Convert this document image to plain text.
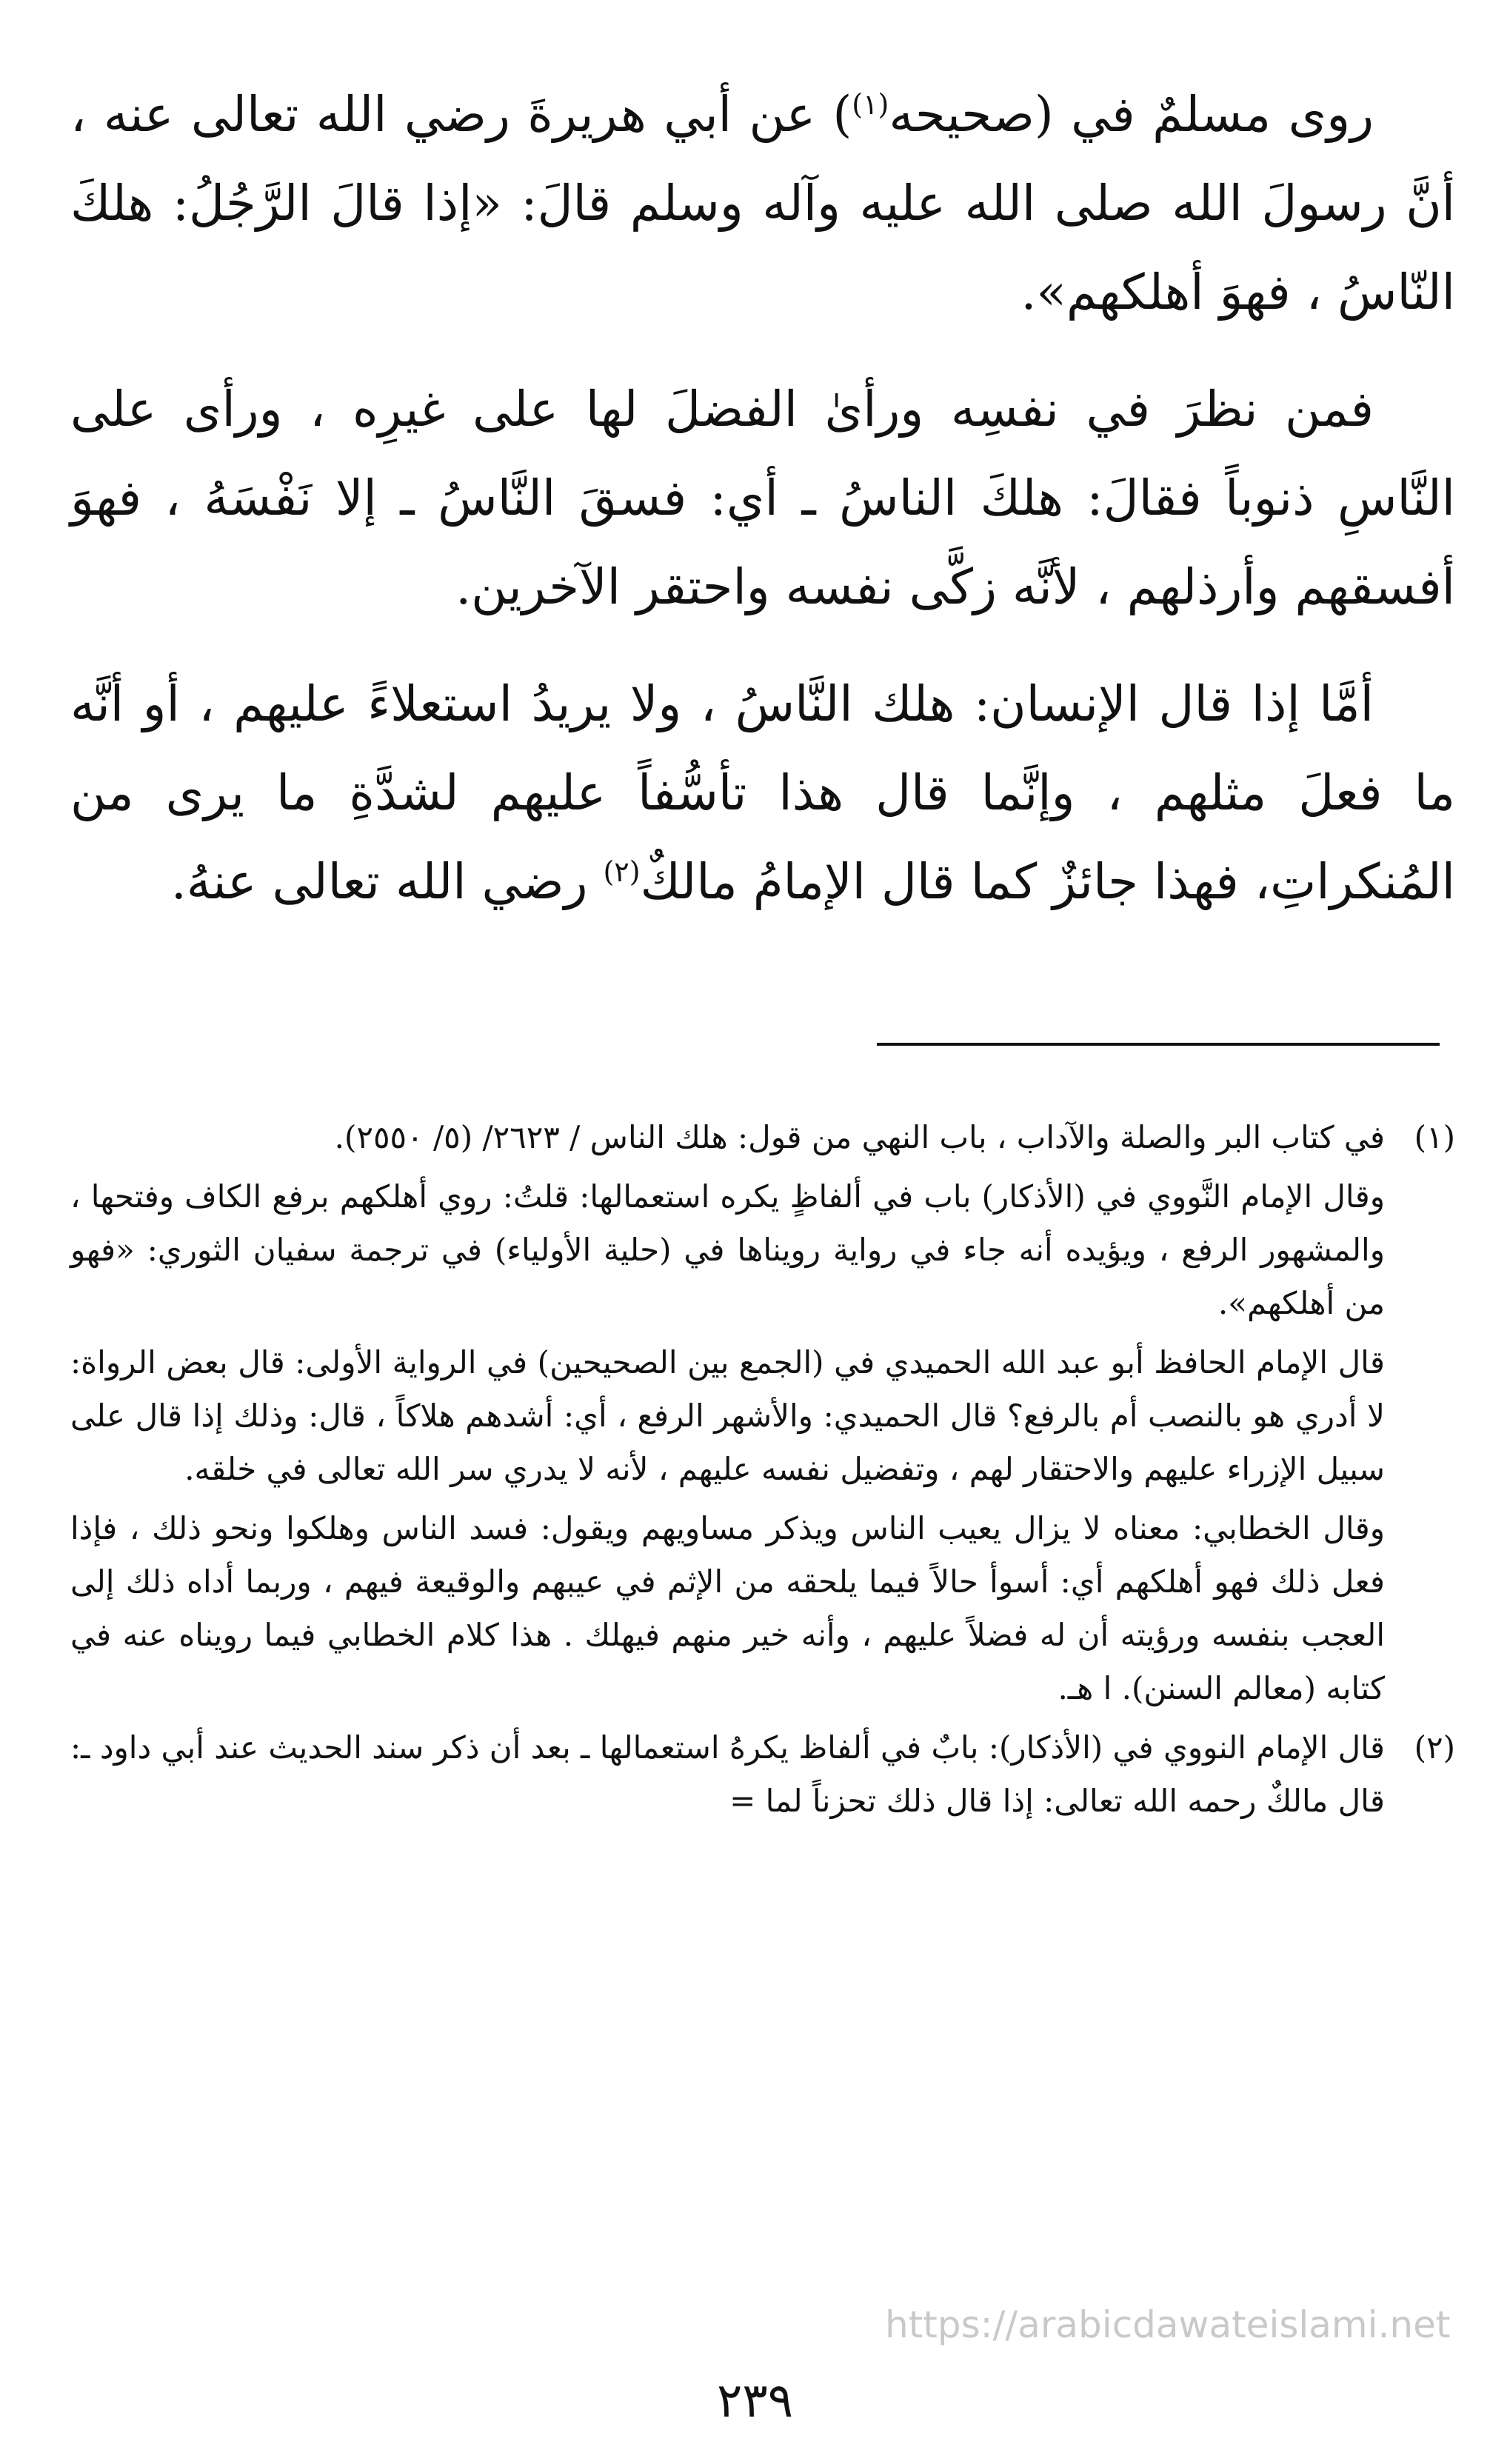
روى مسلمٌ في (صحيحه$^{(١)}$) عن أبي هريرةَ رضي الله تعالى عنه ، أنَّ رسولَ الله صلى الله عليه وآله وسلم قالَ: «إذا قالَ الرَّجُلُ: هلكَ النّاسُ ، فهوَ أهلكهم».

فمن نظرَ في نفسِه ورأىٰ الفضلَ لها على غيرِه ، ورأى على النَّاسِ ذنوباً فقالَ: هلكَ الناسُ ـ أي: فسقَ النَّاسُ ـ إلا نَفْسَهُ ، فهوَ أفسقهم وأرذلهم ، لأنَّه زكَّى نفسه واحتقر الآخرين.

أمَّا إذا قال الإنسان: هلك النَّاسُ ، ولا يريدُ استعلاءً عليهم ، أو أنَّه ما فعلَ مثلهم ، وإنَّما قال هذا تأسُّفاً عليهم لشدَّةِ ما يرى من المُنكراتِ، فهذا جائزٌ كما قال الإمامُ مالكٌ$^{(٢)}$ رضي الله تعالى عنهُ.

(١)

في كتاب البر والصلة والآداب ، باب النهي من قول: هلك الناس / ٢٦٢٣/ (٥/ ٢٥٥٠).

وقال الإمام النَّووي في (الأذكار) باب في ألفاظٍ يكره استعمالها: قلتُ: روي أهلكهم برفع الكاف وفتحها ، والمشهور الرفع ، ويؤيده أنه جاء في رواية رويناها في (حلية الأولياء) في ترجمة سفيان الثوري: «فهو من أهلكهم».

قال الإمام الحافظ أبو عبد الله الحميدي في (الجمع بين الصحيحين) في الرواية الأولى: قال بعض الرواة: لا أدري هو بالنصب أم بالرفع؟ قال الحميدي: والأشهر الرفع ، أي: أشدهم هلاكاً ، قال: وذلك إذا قال على سبيل الإزراء عليهم والاحتقار لهم ، وتفضيل نفسه عليهم ، لأنه لا يدري سر الله تعالى في خلقه.

وقال الخطابي: معناه لا يزال يعيب الناس ويذكر مساويهم ويقول: فسد الناس وهلكوا ونحو ذلك ، فإذا فعل ذلك فهو أهلكهم أي: أسوأ حالاً فيما يلحقه من الإثم في عيبهم والوقيعة فيهم ، وربما أداه ذلك إلى العجب بنفسه ورؤيته أن له فضلاً عليهم ، وأنه خير منهم فيهلك . هذا كلام الخطابي فيما رويناه عنه في كتابه (معالم السنن). ا هـ.

(٢)

قال الإمام النووي في (الأذكار): بابٌ في ألفاظ يكرهُ استعمالها ـ بعد أن ذكر سند الحديث عند أبي داود ـ: قال مالكٌ رحمه الله تعالى: إذا قال ذلك تحزناً لما =

https://arabicdawateislami.net
٢٣٩
